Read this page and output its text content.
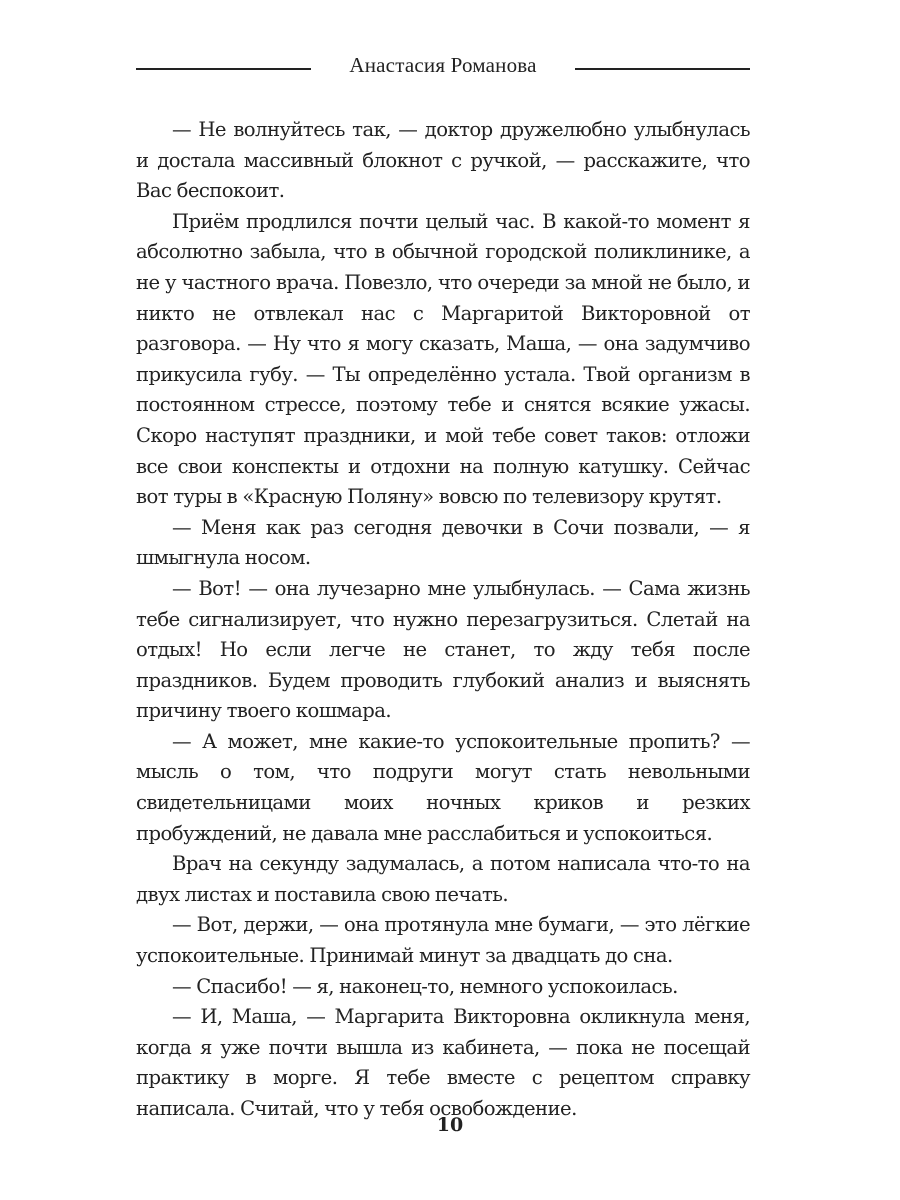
Анастасия Романова

— Не волнуйтесь так, — доктор дружелюбно улыбнулась и достала массивный блокнот с ручкой, — расскажите, что Вас беспокоит.

Приём продлился почти целый час. В какой-то момент я абсолютно забыла, что в обычной городской поликлинике, а не у частного врача. Повезло, что очереди за мной не было, и никто не отвлекал нас с Маргаритой Викторовной от разговора. — Ну что я могу сказать, Маша, — она задумчиво прикусила губу. — Ты определённо устала. Твой организм в постоянном стрессе, поэтому тебе и снятся всякие ужасы. Скоро наступят праздники, и мой тебе совет таков: отложи все свои конспекты и отдохни на полную катушку. Сейчас вот туры в «Красную Поляну» вовсю по телевизору крутят.

— Меня как раз сегодня девочки в Сочи позвали, — я шмыгнула носом.

— Вот! — она лучезарно мне улыбнулась. — Сама жизнь тебе сигнализирует, что нужно перезагрузиться. Слетай на отдых! Но если легче не станет, то жду тебя после праздников. Будем проводить глубокий анализ и выяснять причину твоего кошмара.

— А может, мне какие-то успокоительные пропить? — мысль о том, что подруги могут стать невольными свидетельницами моих ночных криков и резких пробуждений, не давала мне расслабиться и успокоиться.

Врач на секунду задумалась, а потом написала что-то на двух листах и поставила свою печать.

— Вот, держи, — она протянула мне бумаги, — это лёгкие успокоительные. Принимай минут за двадцать до сна.

— Спасибо! — я, наконец-то, немного успокоилась.

— И, Маша, — Маргарита Викторовна окликнула меня, когда я уже почти вышла из кабинета, — пока не посещай практику в морге. Я тебе вместе с рецептом справку написала. Считай, что у тебя освобождение.

10
